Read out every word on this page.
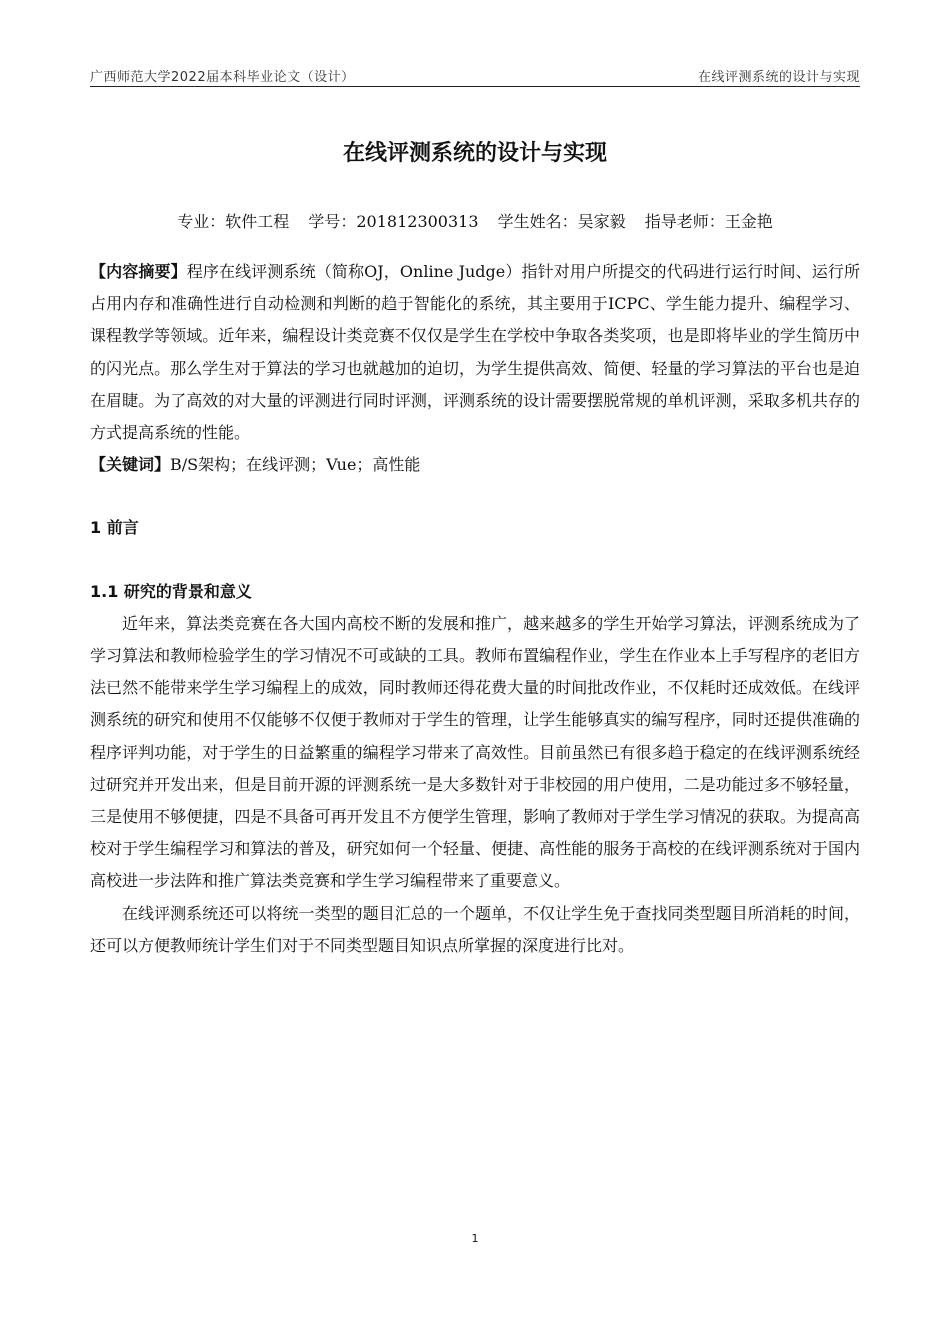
广西师范大学2022届本科毕业论文（设计）	在线评测系统的设计与实现
在线评测系统的设计与实现
专业：软件工程 学号：201812300313 学生姓名：吴家毅 指导老师：王金艳

【内容摘要】程序在线评测系统（简称OJ，Online Judge）指针对用户所提交的代码进行运行时间、运行所占用内存和准确性进行自动检测和判断的趋于智能化的系统，其主要用于ICPC、学生能力提升、编程学习、课程教学等领域。近年来，编程设计类竞赛不仅仅是学生在学校中争取各类奖项，也是即将毕业的学生简历中的闪光点。那么学生对于算法的学习也就越加的迫切，为学生提供高效、简便、轻量的学习算法的平台也是迫在眉睫。为了高效的对大量的评测进行同时评测，评测系统的设计需要摆脱常规的单机评测，采取多机共存的方式提高系统的性能。

【关键词】B/S架构；在线评测；Vue；高性能

1 前言

1.1 研究的背景和意义

近年来，算法类竞赛在各大国内高校不断的发展和推广，越来越多的学生开始学习算法，评测系统成为了学习算法和教师检验学生的学习情况不可或缺的工具。教师布置编程作业，学生在作业本上手写程序的老旧方法已然不能带来学生学习编程上的成效，同时教师还得花费大量的时间批改作业，不仅耗时还成效低。在线评测系统的研究和使用不仅能够不仅便于教师对于学生的管理，让学生能够真实的编写程序，同时还提供准确的程序评判功能，对于学生的日益繁重的编程学习带来了高效性。目前虽然已有很多趋于稳定的在线评测系统经过研究并开发出来，但是目前开源的评测系统一是大多数针对于非校园的用户使用，二是功能过多不够轻量，三是使用不够便捷，四是不具备可再开发且不方便学生管理，影响了教师对于学生学习情况的获取。为提高高校对于学生编程学习和算法的普及，研究如何一个轻量、便捷、高性能的服务于高校的在线评测系统对于国内高校进一步法阵和推广算法类竞赛和学生学习编程带来了重要意义。

在线评测系统还可以将统一类型的题目汇总的一个题单，不仅让学生免于查找同类型题目所消耗的时间，还可以方便教师统计学生们对于不同类型题目知识点所掌握的深度进行比对。

1
